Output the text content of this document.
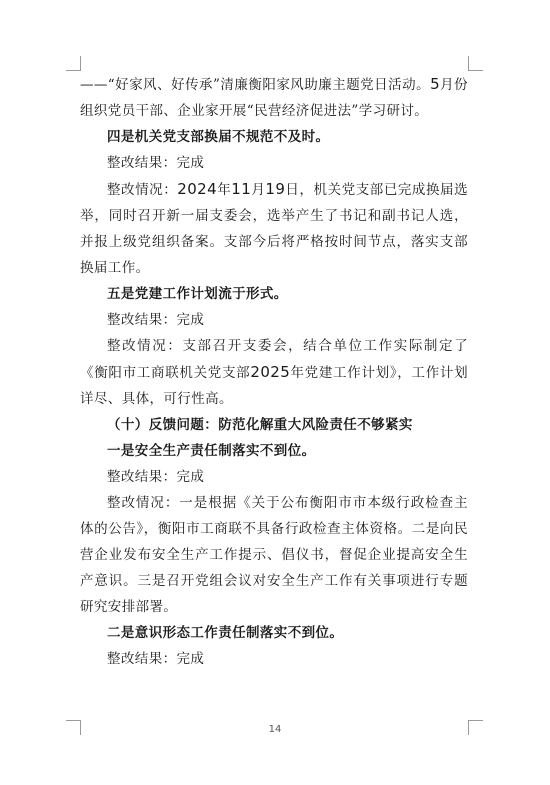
——“好家风、好传承”清廉衡阳家风助廉主题党日活动。5月份组织党员干部、企业家开展“民营经济促进法”学习研讨。

四是机关党支部换届不规范不及时。

整改结果：完成

整改情况：2024年11月19日，机关党支部已完成换届选举，同时召开新一届支委会，选举产生了书记和副书记人选，并报上级党组织备案。支部今后将严格按时间节点，落实支部换届工作。

五是党建工作计划流于形式。

整改结果：完成

整改情况：支部召开支委会，结合单位工作实际制定了《衡阳市工商联机关党支部2025年党建工作计划》，工作计划详尽、具体，可行性高。

（十）反馈问题：防范化解重大风险责任不够紧实

一是安全生产责任制落实不到位。

整改结果：完成

整改情况：一是根据《关于公布衡阳市市本级行政检查主体的公告》，衡阳市工商联不具备行政检查主体资格。二是向民营企业发布安全生产工作提示、倡仪书，督促企业提高安全生产意识。三是召开党组会议对安全生产工作有关事项进行专题研究安排部署。

二是意识形态工作责任制落实不到位。

整改结果：完成

14
